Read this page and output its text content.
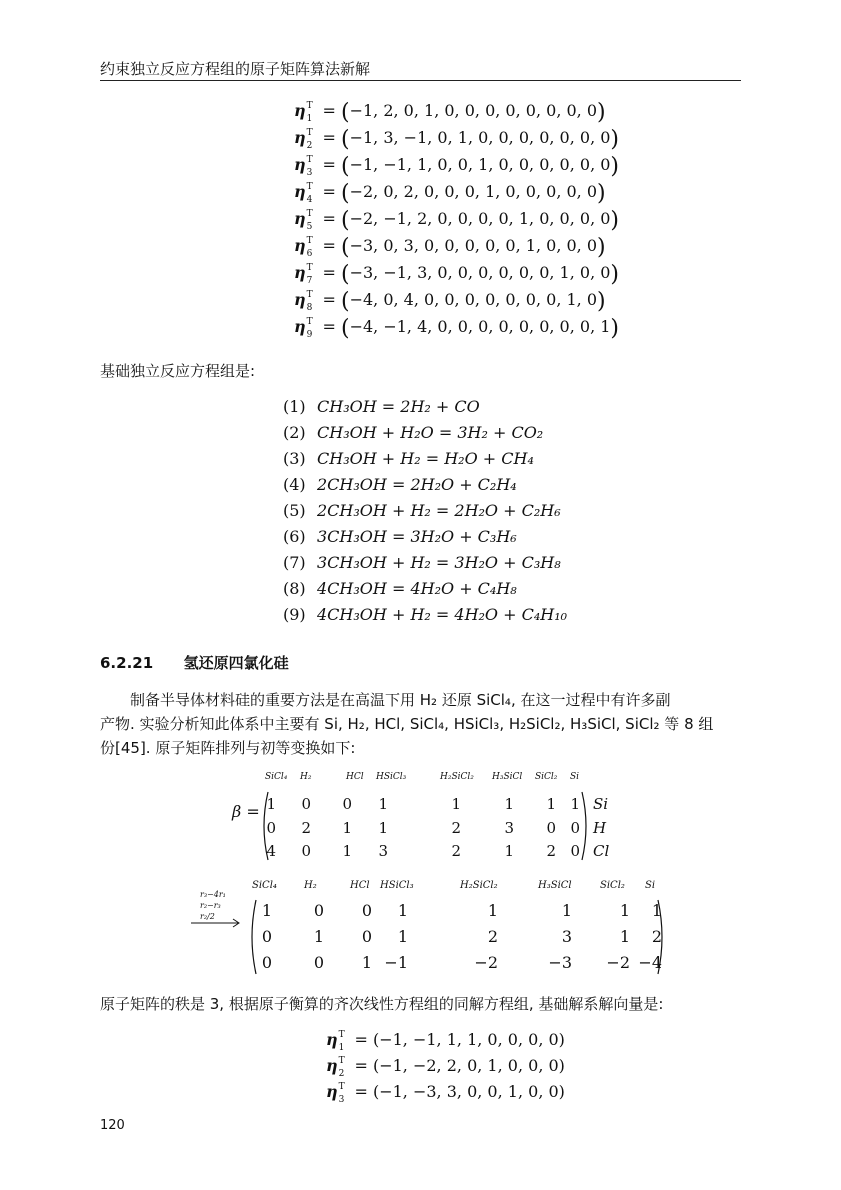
约束独立反应方程组的原子矩阵算法新解
$\eta^T_1 = (-1$, 2, 0, 1, 0, 0, 0, 0, 0, 0, 0, 0)
$\eta^T_2 = (-1$, 3, −1, 0, 1, 0, 0, 0, 0, 0, 0, 0)
$\eta^T_3 = (-1$, −1, 1, 0, 0, 1, 0, 0, 0, 0, 0, 0)
$\eta^T_4 = (-2$, 0, 2, 0, 0, 0, 1, 0, 0, 0, 0, 0)
$\eta^T_5 = (-2$, −1, 2, 0, 0, 0, 0, 1, 0, 0, 0, 0)
$\eta^T_6 = (-3$, 0, 3, 0, 0, 0, 0, 0, 1, 0, 0, 0)
$\eta^T_7 = (-3$, −1, 3, 0, 0, 0, 0, 0, 0, 1, 0, 0)
$\eta^T_8 = (-4$, 0, 4, 0, 0, 0, 0, 0, 0, 0, 1, 0)
$\eta^T_9 = (-4$, −1, 4, 0, 0, 0, 0, 0, 0, 0, 0, 1)
基础独立反应方程组是:
(1) CH₃OH = 2H₂ + CO
(2) CH₃OH + H₂O = 3H₂ + CO₂
(3) CH₃OH + H₂ = H₂O + CH₄
(4) 2CH₃OH = 2H₂O + C₂H₄
(5) 2CH₃OH + H₂ = 2H₂O + C₂H₆
(6) 3CH₃OH = 3H₂O + C₃H₆
(7) 3CH₃OH + H₂ = 3H₂O + C₃H₈
(8) 4CH₃OH = 4H₂O + C₄H₈
(9) 4CH₃OH + H₂ = 4H₂O + C₄H₁₀
6.2.21 氢还原四氯化硅
制备半导体材料硅的重要方法是在高温下用 H₂ 还原 SiCl₄, 在这一过程中有许多副
产物. 实验分析知此体系中主要有 Si, H₂, HCl, SiCl₄, HSiCl₃, H₂SiCl₂, H₃SiCl, SiCl₂ 等 8 组
份[45]. 原子矩阵排列与初等变换如下:
SiCl₄ H₂	HCl HSiCl₃	H₂SiCl₂ H₃SiCl SiCl₂ Si
β = 1	0	0	1	1	1	1 1 Si
0	2	1	1	2	3	0 0 H
4	0	1	3	2	1	2 0 Cl
r₃−4r₁
r₂−r₃
r₂/2
SiCl₄	H₂	HCl HSiCl₃	H₂SiCl₂	H₃SiCl	SiCl₂ Si
1	0	0	1	1	1	1	1
0	1	0	1	2	3	1	2
0	0	1 −1	−2	−3	−2 −4
原子矩阵的秩是 3, 根据原子衡算的齐次线性方程组的同解方程组, 基础解系解向量是:
$\eta^T_1 = (-1$, −1, 1, 1, 0, 0, 0, 0)
$\eta^T_2 = (-1$, −2, 2, 0, 1, 0, 0, 0)
$\eta^T_3 = (-1$, −3, 3, 0, 0, 1, 0, 0)
120
